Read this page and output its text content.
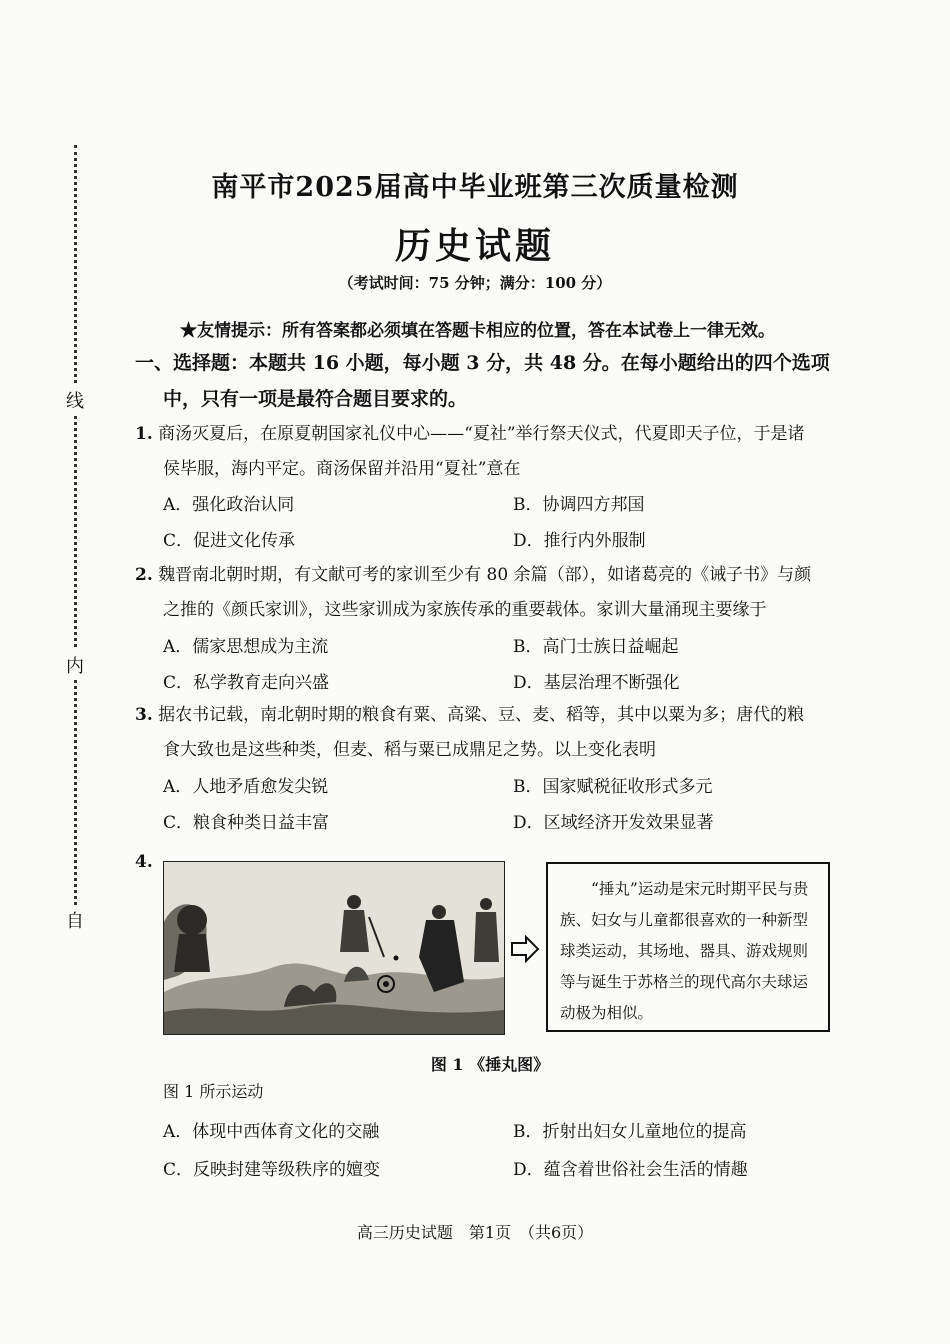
线
内
自
南平市2025届高中毕业班第三次质量检测
历史试题
（考试时间：75 分钟；满分：100 分）
★友情提示：所有答案都必须填在答题卡相应的位置，答在本试卷上一律无效。
一、选择题：本题共 16 小题，每小题 3 分，共 48 分。在每小题给出的四个选项
中，只有一项是最符合题目要求的。
1. 商汤灭夏后，在原夏朝国家礼仪中心——“夏社”举行祭天仪式，代夏即天子位，于是诸
侯毕服，海内平定。商汤保留并沿用“夏社”意在
A．强化政治认同	B．协调四方邦国
C．促进文化传承	D．推行内外服制
2. 魏晋南北朝时期，有文献可考的家训至少有 80 余篇（部），如诸葛亮的《诫子书》与颜
之推的《颜氏家训》，这些家训成为家族传承的重要载体。家训大量涌现主要缘于
A．儒家思想成为主流	B．高门士族日益崛起
C．私学教育走向兴盛	D．基层治理不断强化
3. 据农书记载，南北朝时期的粮食有粟、高粱、豆、麦、稻等，其中以粟为多；唐代的粮
食大致也是这些种类，但麦、稻与粟已成鼎足之势。以上变化表明
A．人地矛盾愈发尖锐	B．国家赋税征收形式多元
C．粮食种类日益丰富	D．区域经济开发效果显著
4.
“捶丸”运动是宋元时期平民与贵族、妇女与儿童都很喜欢的一种新型球类运动，其场地、器具、游戏规则等与诞生于苏格兰的现代高尔夫球运动极为相似。
图 1 《捶丸图》
图 1 所示运动
A．体现中西体育文化的交融	B．折射出妇女儿童地位的提高
C．反映封建等级秩序的嬗变	D．蕴含着世俗社会生活的情趣
高三历史试题　第1页　（共6页）
